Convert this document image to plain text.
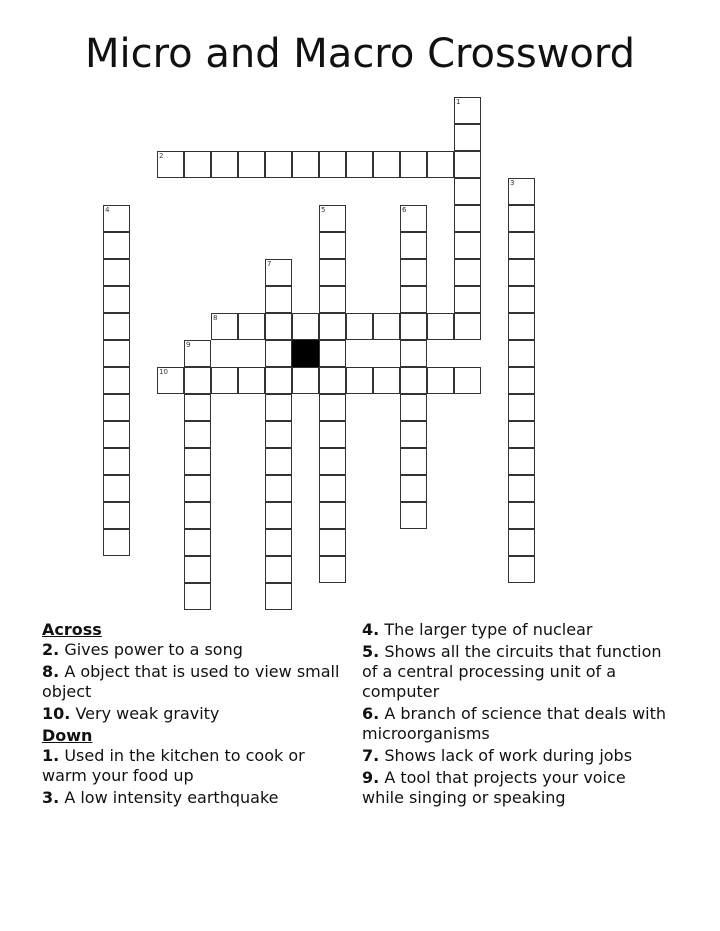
Micro and Macro Crossword
1
2
3
4	5	6
7
8
9
10

Across

2. Gives power to a song

8. A object that is used to view small object

10. Very weak gravity

Down

1. Used in the kitchen to cook or warm your food up

3. A low intensity earthquake

4. The larger type of nuclear

5. Shows all the circuits that function of a central processing unit of a computer

6. A branch of science that deals with microorganisms

7. Shows lack of work during jobs

9. A tool that projects your voice while singing or speaking
